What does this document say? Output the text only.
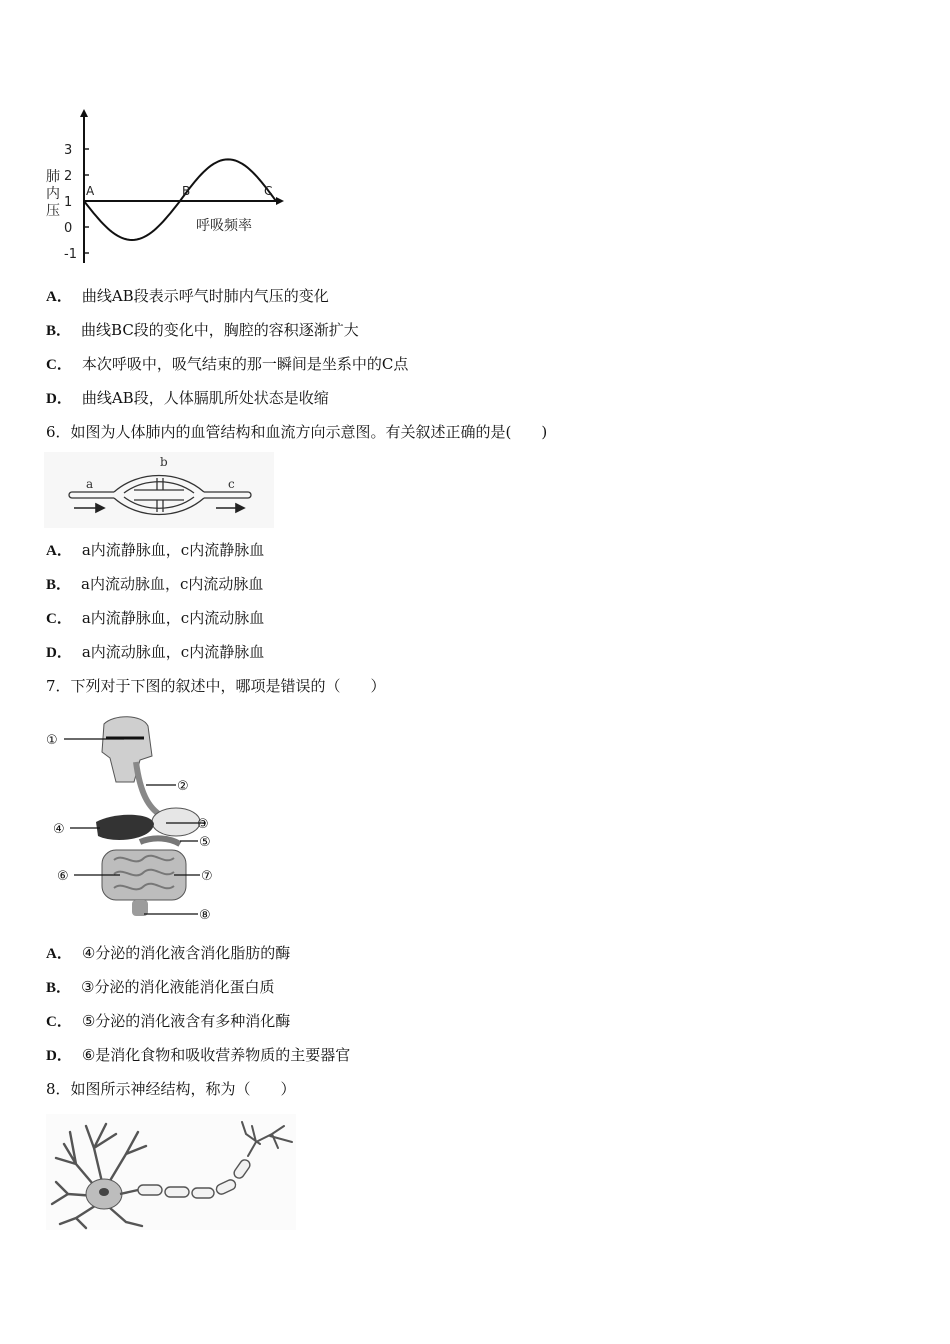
3
2
1
0
-1
A	B	C
肺内压
呼吸频率
A． 曲线AB段表示呼气时肺内气压的变化
B． 曲线BC段的变化中，胸腔的容积逐渐扩大
C． 本次呼吸中，吸气结束的那一瞬间是坐系中的C点
D． 曲线AB段，人体膈肌所处状态是收缩
6．如图为人体肺内的血管结构和血流方向示意图。有关叙述正确的是(　　)
a
b
c
A． a内流静脉血，c内流静脉血
B． a内流动脉血，c内流动脉血
C． a内流静脉血，c内流动脉血
D． a内流动脉血，c内流静脉血
7．下列对于下图的叙述中，哪项是错误的（　　）
①
②
③
④
⑤
⑥	⑦
⑧
A． ④分泌的消化液含消化脂肪的酶
B． ③分泌的消化液能消化蛋白质
C． ⑤分泌的消化液含有多种消化酶
D． ⑥是消化食物和吸收营养物质的主要器官
8．如图所示神经结构，称为（　　）
